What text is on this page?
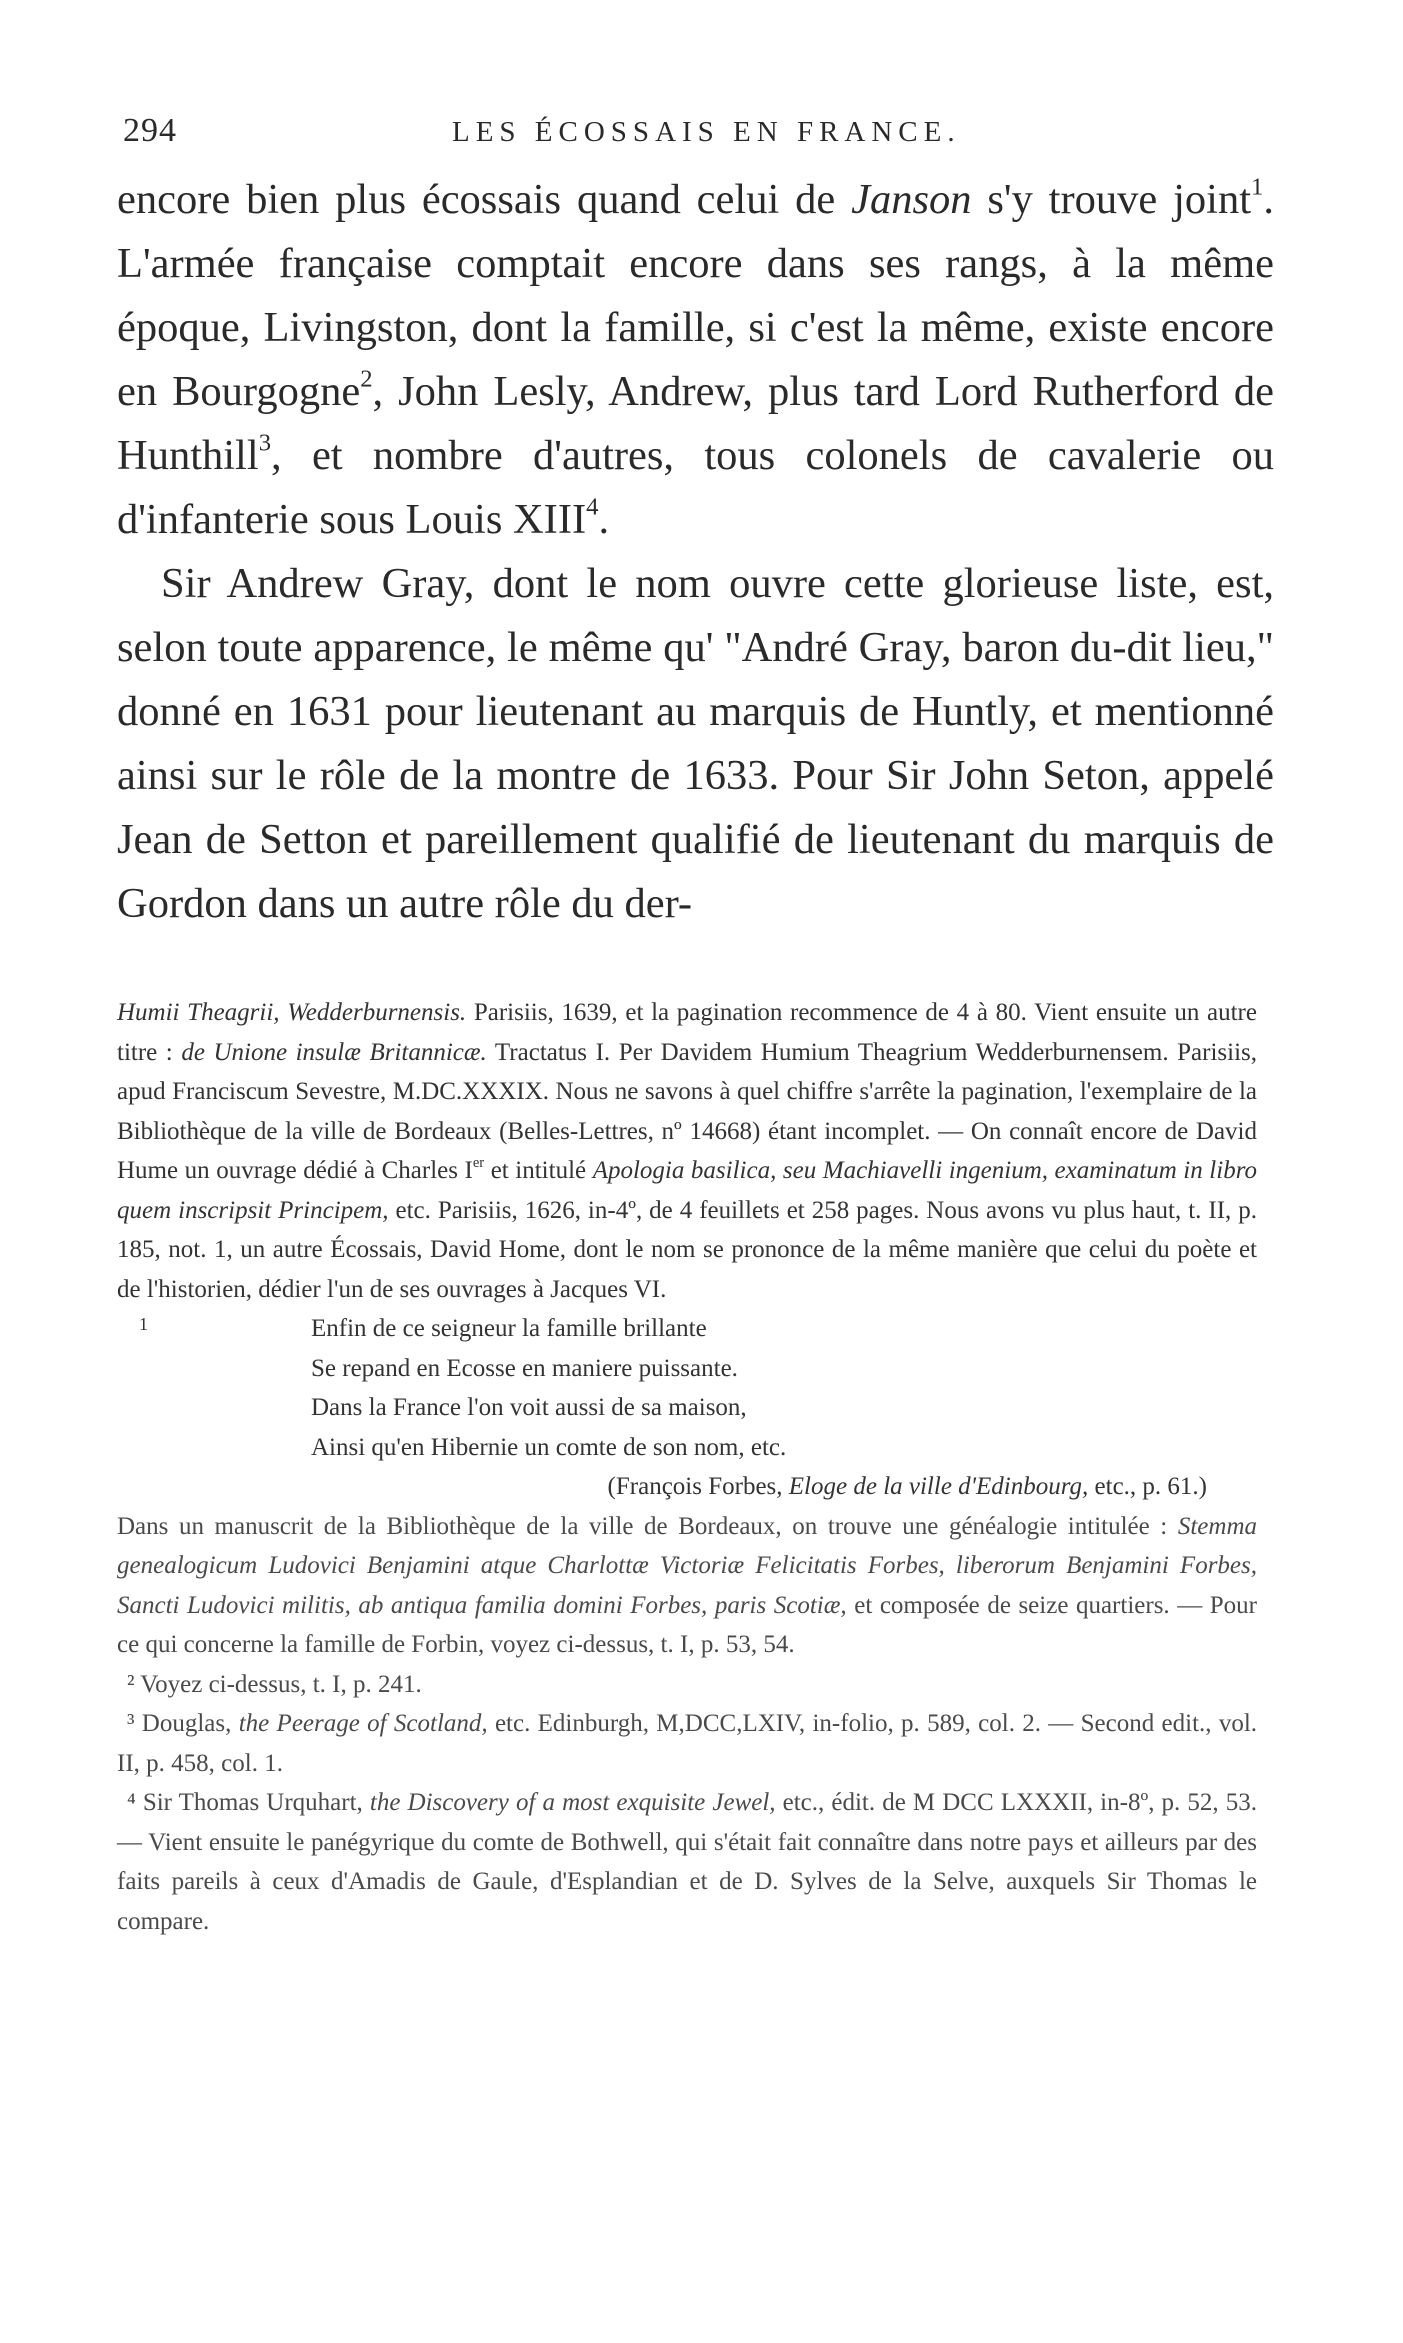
294	LES ÉCOSSAIS EN FRANCE.

encore bien plus écossais quand celui de Janson s'y trouve joint$^1$. L'armée française comptait encore dans ses rangs, à la même époque, Livingston, dont la famille, si c'est la même, existe encore en Bourgogne$^2$, John Lesly, Andrew, plus tard Lord Rutherford de Hunthill$^3$, et nombre d'autres, tous colonels de cavalerie ou d'infanterie sous Louis XIII$^4$.

Sir Andrew Gray, dont le nom ouvre cette glorieuse liste, est, selon toute apparence, le même qu' "André Gray, baron du-dit lieu," donné en 1631 pour lieutenant au marquis de Huntly, et mentionné ainsi sur le rôle de la montre de 1633. Pour Sir John Seton, appelé Jean de Setton et pareillement qualifié de lieutenant du marquis de Gordon dans un autre rôle du der-

Humii Theagrii, Wedderburnensis. Parisiis, 1639, et la pagination recommence de 4 à 80. Vient ensuite un autre titre : de Unione insulæ Britannicæ. Tractatus I. Per Davidem Humium Theagrium Wedderburnensem. Parisiis, apud Franciscum Sevestre, M.DC.XXXIX. Nous ne savons à quel chiffre s'arrête la pagination, l'exemplaire de la Bibliothèque de la ville de Bordeaux (Belles-Lettres, nº 14668) étant incomplet. — On connaît encore de David Hume un ouvrage dédié à Charles Ier et intitulé Apologia basilica, seu Machiavelli ingenium, examinatum in libro quem inscripsit Principem, etc. Parisiis, 1626, in-4º, de 4 feuillets et 258 pages. Nous avons vu plus haut, t. II, p. 185, not. 1, un autre Écossais, David Home, dont le nom se prononce de la même manière que celui du poète et de l'historien, dédier l'un de ses ouvrages à Jacques VI.

1	Enfin de ce seigneur la famille brillante
Se repand en Ecosse en maniere puissante.
Dans la France l'on voit aussi de sa maison,
Ainsi qu'en Hibernie un comte de son nom, etc.

(François Forbes, Eloge de la ville d'Edinbourg, etc., p. 61.)

Dans un manuscrit de la Bibliothèque de la ville de Bordeaux, on trouve une généalogie intitulée : Stemma genealogicum Ludovici Benjamini atque Charlottæ Victoriæ Felicitatis Forbes, liberorum Benjamini Forbes, Sancti Ludovici militis, ab antiqua familia domini Forbes, paris Scotiæ, et composée de seize quartiers. — Pour ce qui concerne la famille de Forbin, voyez ci-dessus, t. I, p. 53, 54.

² Voyez ci-dessus, t. I, p. 241.

³ Douglas, the Peerage of Scotland, etc. Edinburgh, M,DCC,LXIV, in-folio, p. 589, col. 2. — Second edit., vol. II, p. 458, col. 1.

⁴ Sir Thomas Urquhart, the Discovery of a most exquisite Jewel, etc., édit. de M DCC LXXXII, in-8º, p. 52, 53. — Vient ensuite le panégyrique du comte de Bothwell, qui s'était fait connaître dans notre pays et ailleurs par des faits pareils à ceux d'Amadis de Gaule, d'Esplandian et de D. Sylves de la Selve, auxquels Sir Thomas le compare.
